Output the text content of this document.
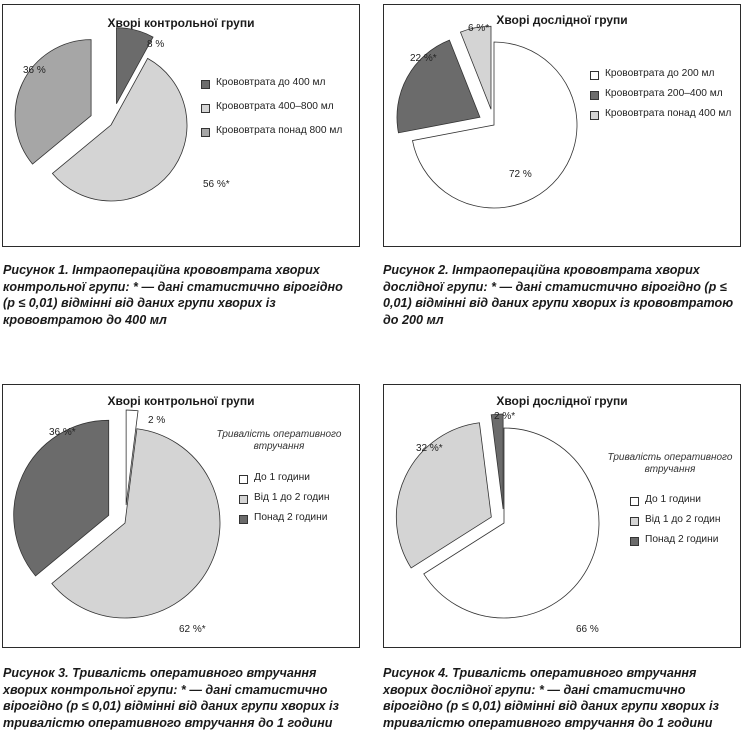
Хворі контрольної групи
8 %
56 %*
36 %
Крововтрата до 400 мл
Крововтрата 400–800 мл
Крововтрата понад 800 мл
Рисунок 1. Інтраопераційна крововтрата хворих контрольної групи: * — дані статистично вірогідно (p ≤ 0,01) відмінні від даних групи хворих із крововтратою до 400 мл
Хворі дослідної групи
72 %
22 %*
6 %*
Крововтрата до 200 мл
Крововтрата 200–400 мл
Крововтрата понад 400 мл
Рисунок 2. Інтраопераційна крововтрата хворих дослідної групи: * — дані статистично вірогідно (p ≤ 0,01) відмінні від даних групи хворих із крововтратою до 200 мл
Хворі контрольної групи
2 %
62 %*
36 %*	Тривалість оперативного втручання
До 1 години
Від 1 до 2 годин
Понад 2 години
Рисунок 3. Тривалість оперативного втручання хворих контрольної групи: * — дані статистично вірогідно (p ≤ 0,01) відмінні від даних групи хворих із тривалістю оперативного втручання до 1 години
Хворі дослідної групи
66 %
32 %*
2 %*
Тривалість оперативного втручання
До 1 години
Від 1 до 2 годин
Понад 2 години
Рисунок 4. Тривалість оперативного втручання хворих дослідної групи: * — дані статистично вірогідно (p ≤ 0,01) відмінні від даних групи хворих із тривалістю оперативного втручання до 1 години
